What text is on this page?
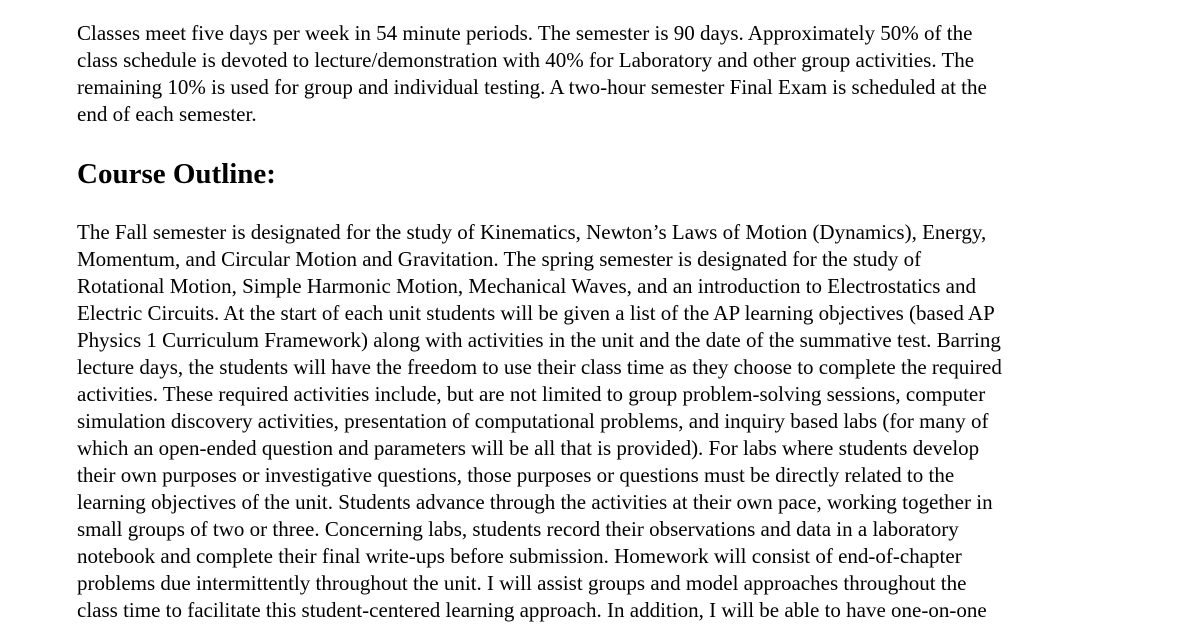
Classes meet five days per week in 54 minute periods. The semester is 90 days. Approximately 50% of the
class schedule is devoted to lecture/demonstration with 40% for Laboratory and other group activities. The
remaining 10% is used for group and individual testing. A two-hour semester Final Exam is scheduled at the
end of each semester.
Course Outline:
The Fall semester is designated for the study of Kinematics, Newton’s Laws of Motion (Dynamics), Energy,
Momentum, and Circular Motion and Gravitation. The spring semester is designated for the study of
Rotational Motion, Simple Harmonic Motion, Mechanical Waves, and an introduction to Electrostatics and
Electric Circuits. At the start of each unit students will be given a list of the AP learning objectives (based AP
Physics 1 Curriculum Framework) along with activities in the unit and the date of the summative test. Barring
lecture days, the students will have the freedom to use their class time as they choose to complete the required
activities. These required activities include, but are not limited to group problem-solving sessions, computer
simulation discovery activities, presentation of computational problems, and inquiry based labs (for many of
which an open-ended question and parameters will be all that is provided). For labs where students develop
their own purposes or investigative questions, those purposes or questions must be directly related to the
learning objectives of the unit. Students advance through the activities at their own pace, working together in
small groups of two or three. Concerning labs, students record their observations and data in a laboratory
notebook and complete their final write-ups before submission. Homework will consist of end-of-chapter
problems due intermittently throughout the unit. I will assist groups and model approaches throughout the
class time to facilitate this student-centered learning approach. In addition, I will be able to have one-on-one
